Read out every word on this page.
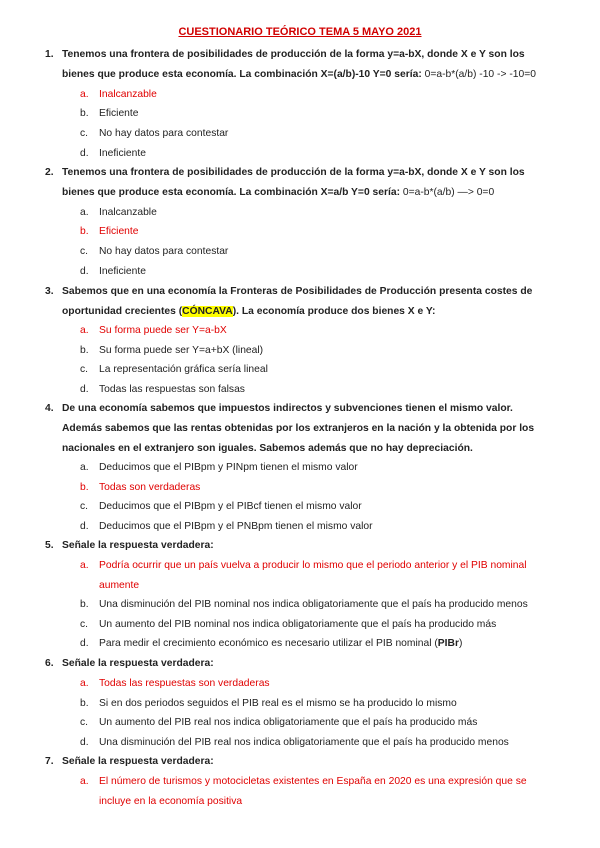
CUESTIONARIO TEÓRICO TEMA 5 MAYO 2021
1. Tenemos una frontera de posibilidades de producción de la forma y=a-bX, donde X e Y son los
bienes que produce esta economía. La combinación X=(a/b)-10 Y=0 sería: 0=a-b*(a/b) -10 -> -10=0
a. Inalcanzable
b. Eficiente
c. No hay datos para contestar
d. Ineficiente
2. Tenemos una frontera de posibilidades de producción de la forma y=a-bX, donde X e Y son los
bienes que produce esta economía. La combinación X=a/b Y=0 sería: 0=a-b*(a/b) —> 0=0
a. Inalcanzable
b. Eficiente
c. No hay datos para contestar
d. Ineficiente
3. Sabemos que en una economía la Fronteras de Posibilidades de Producción presenta costes de
oportunidad crecientes (CÓNCAVA). La economía produce dos bienes X e Y:
a. Su forma puede ser Y=a-bX
b. Su forma puede ser Y=a+bX (lineal)
c. La representación gráfica sería lineal
d. Todas las respuestas son falsas
4. De una economía sabemos que impuestos indirectos y subvenciones tienen el mismo valor.
Además sabemos que las rentas obtenidas por los extranjeros en la nación y la obtenida por los
nacionales en el extranjero son iguales. Sabemos además que no hay depreciación.
a. Deducimos que el PIBpm y PINpm tienen el mismo valor
b. Todas son verdaderas
c. Deducimos que el PIBpm y el PIBcf tienen el mismo valor
d. Deducimos que el PIBpm y el PNBpm tienen el mismo valor
5. Señale la respuesta verdadera:
a. Podría ocurrir que un país vuelva a producir lo mismo que el periodo anterior y el PIB nominal
aumente
b. Una disminución del PIB nominal nos indica obligatoriamente que el país ha producido menos
c. Un aumento del PIB nominal nos indica obligatoriamente que el país ha producido más
d. Para medir el crecimiento económico es necesario utilizar el PIB nominal (PIBr)
6. Señale la respuesta verdadera:
a. Todas las respuestas son verdaderas
b. Si en dos periodos seguidos el PIB real es el mismo se ha producido lo mismo
c. Un aumento del PIB real nos indica obligatoriamente que el país ha producido más
d. Una disminución del PIB real nos indica obligatoriamente que el país ha producido menos
7. Señale la respuesta verdadera:
a. El número de turismos y motocicletas existentes en España en 2020 es una expresión que se
incluye en la economía positiva
